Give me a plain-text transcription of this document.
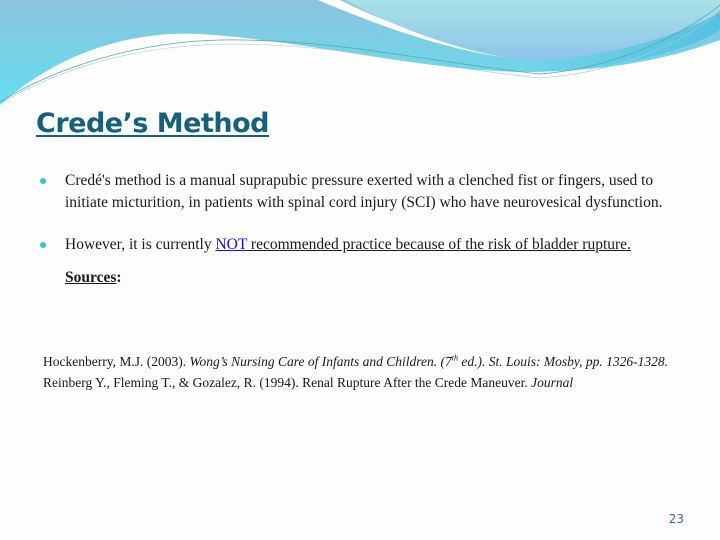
Crede’s Method
Credé's method is a manual suprapubic pressure exerted with a clenched fist or fingers, used to initiate micturition, in patients with spinal cord injury (SCI) who have neurovesical dysfunction.
However, it is currently NOT recommended practice because of the risk of bladder rupture.
Sources:
Hockenberry, M.J. (2003). Wong’s Nursing Care of Infants and Children. (7th ed.). St. Louis: Mosby, pp. 1326-1328.
Reinberg Y., Fleming T., & Gozalez, R. (1994). Renal Rupture After the Crede Maneuver. Journal
23
